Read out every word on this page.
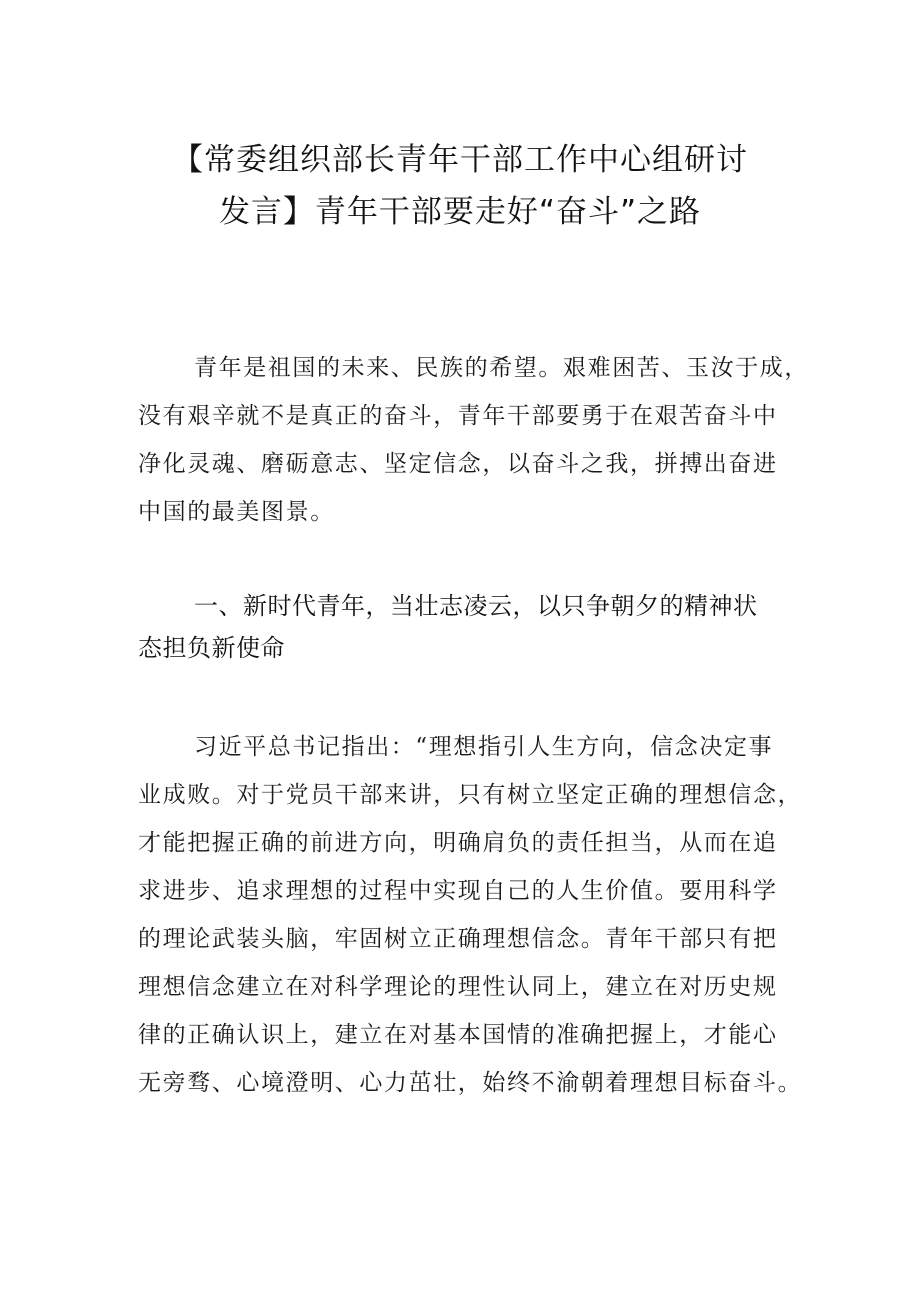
【常委组织部长青年干部工作中心组研讨
发言】青年干部要走好“奋斗”之路
青年是祖国的未来、民族的希望。艰难困苦、玉汝于成，
没有艰辛就不是真正的奋斗，青年干部要勇于在艰苦奋斗中
净化灵魂、磨砺意志、坚定信念，以奋斗之我，拼搏出奋进
中国的最美图景。
一、新时代青年，当壮志凌云，以只争朝夕的精神状
态担负新使命
习近平总书记指出：“理想指引人生方向，信念决定事
业成败。对于党员干部来讲，只有树立坚定正确的理想信念，
才能把握正确的前进方向，明确肩负的责任担当，从而在追
求进步、追求理想的过程中实现自己的人生价值。要用科学
的理论武装头脑，牢固树立正确理想信念。青年干部只有把
理想信念建立在对科学理论的理性认同上，建立在对历史规
律的正确认识上，建立在对基本国情的准确把握上，才能心
无旁骛、心境澄明、心力茁壮，始终不渝朝着理想目标奋斗。
